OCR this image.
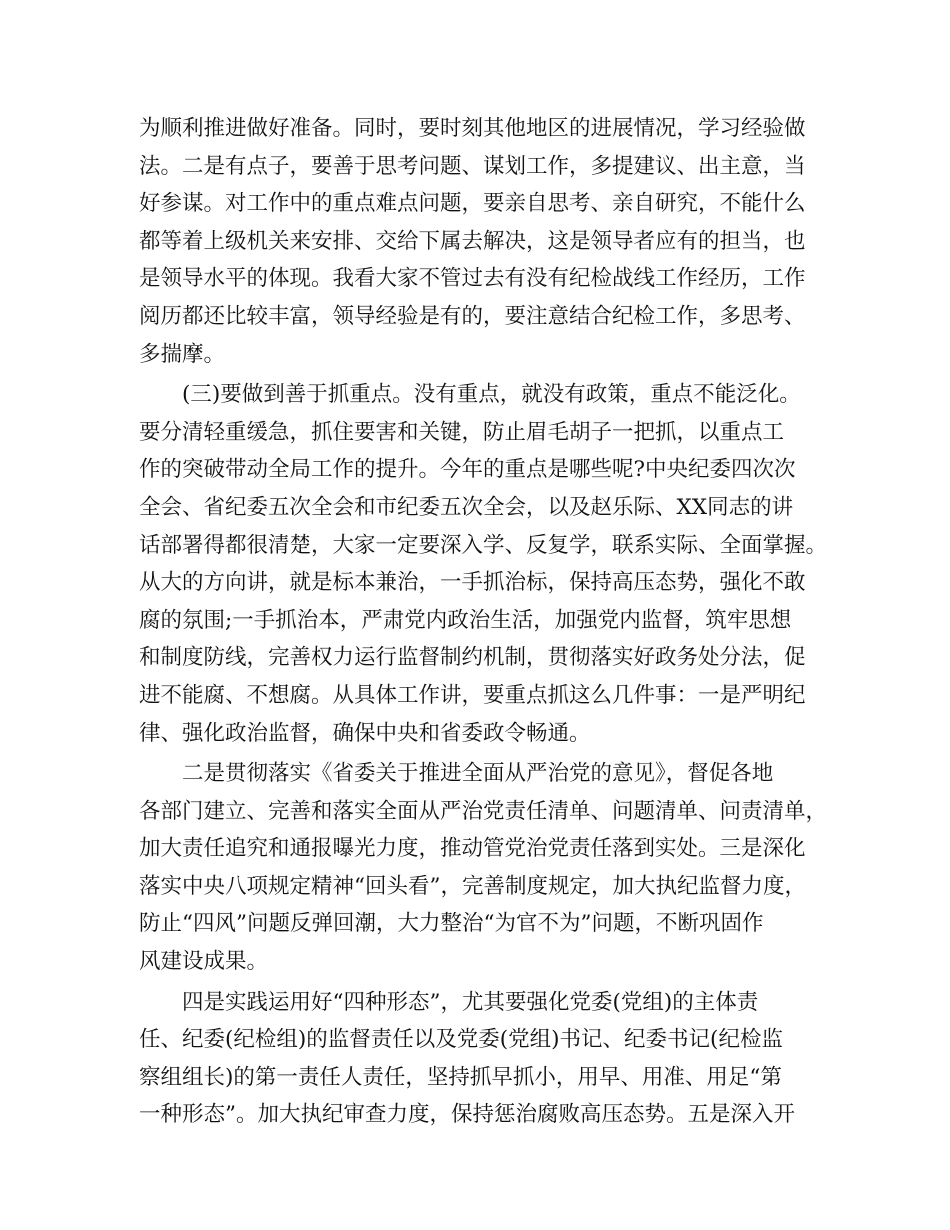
为顺利推进做好准备。同时，要时刻其他地区的进展情况，学习经验做
法。二是有点子，要善于思考问题、谋划工作，多提建议、出主意，当
好参谋。对工作中的重点难点问题，要亲自思考、亲自研究，不能什么
都等着上级机关来安排、交给下属去解决，这是领导者应有的担当，也
是领导水平的体现。我看大家不管过去有没有纪检战线工作经历，工作
阅历都还比较丰富，领导经验是有的，要注意结合纪检工作，多思考、
多揣摩。
(三)要做到善于抓重点。没有重点，就没有政策，重点不能泛化。
要分清轻重缓急，抓住要害和关键，防止眉毛胡子一把抓，以重点工
作的突破带动全局工作的提升。今年的重点是哪些呢?中央纪委四次次
全会、省纪委五次全会和市纪委五次全会，以及赵乐际、XX同志的讲
话部署得都很清楚，大家一定要深入学、反复学，联系实际、全面掌握。
从大的方向讲，就是标本兼治，一手抓治标，保持高压态势，强化不敢
腐的氛围;一手抓治本，严肃党内政治生活，加强党内监督，筑牢思想
和制度防线，完善权力运行监督制约机制，贯彻落实好政务处分法，促
进不能腐、不想腐。从具体工作讲，要重点抓这么几件事：一是严明纪
律、强化政治监督，确保中央和省委政令畅通。
二是贯彻落实《省委关于推进全面从严治党的意见》，督促各地
各部门建立、完善和落实全面从严治党责任清单、问题清单、问责清单，
加大责任追究和通报曝光力度，推动管党治党责任落到实处。三是深化
落实中央八项规定精神“回头看”，完善制度规定，加大执纪监督力度，
防止“四风”问题反弹回潮，大力整治“为官不为”问题，不断巩固作
风建设成果。
四是实践运用好“四种形态”，尤其要强化党委(党组)的主体责
任、纪委(纪检组)的监督责任以及党委(党组)书记、纪委书记(纪检监
察组组长)的第一责任人责任，坚持抓早抓小，用早、用准、用足“第
一种形态”。加大执纪审查力度，保持惩治腐败高压态势。五是深入开
